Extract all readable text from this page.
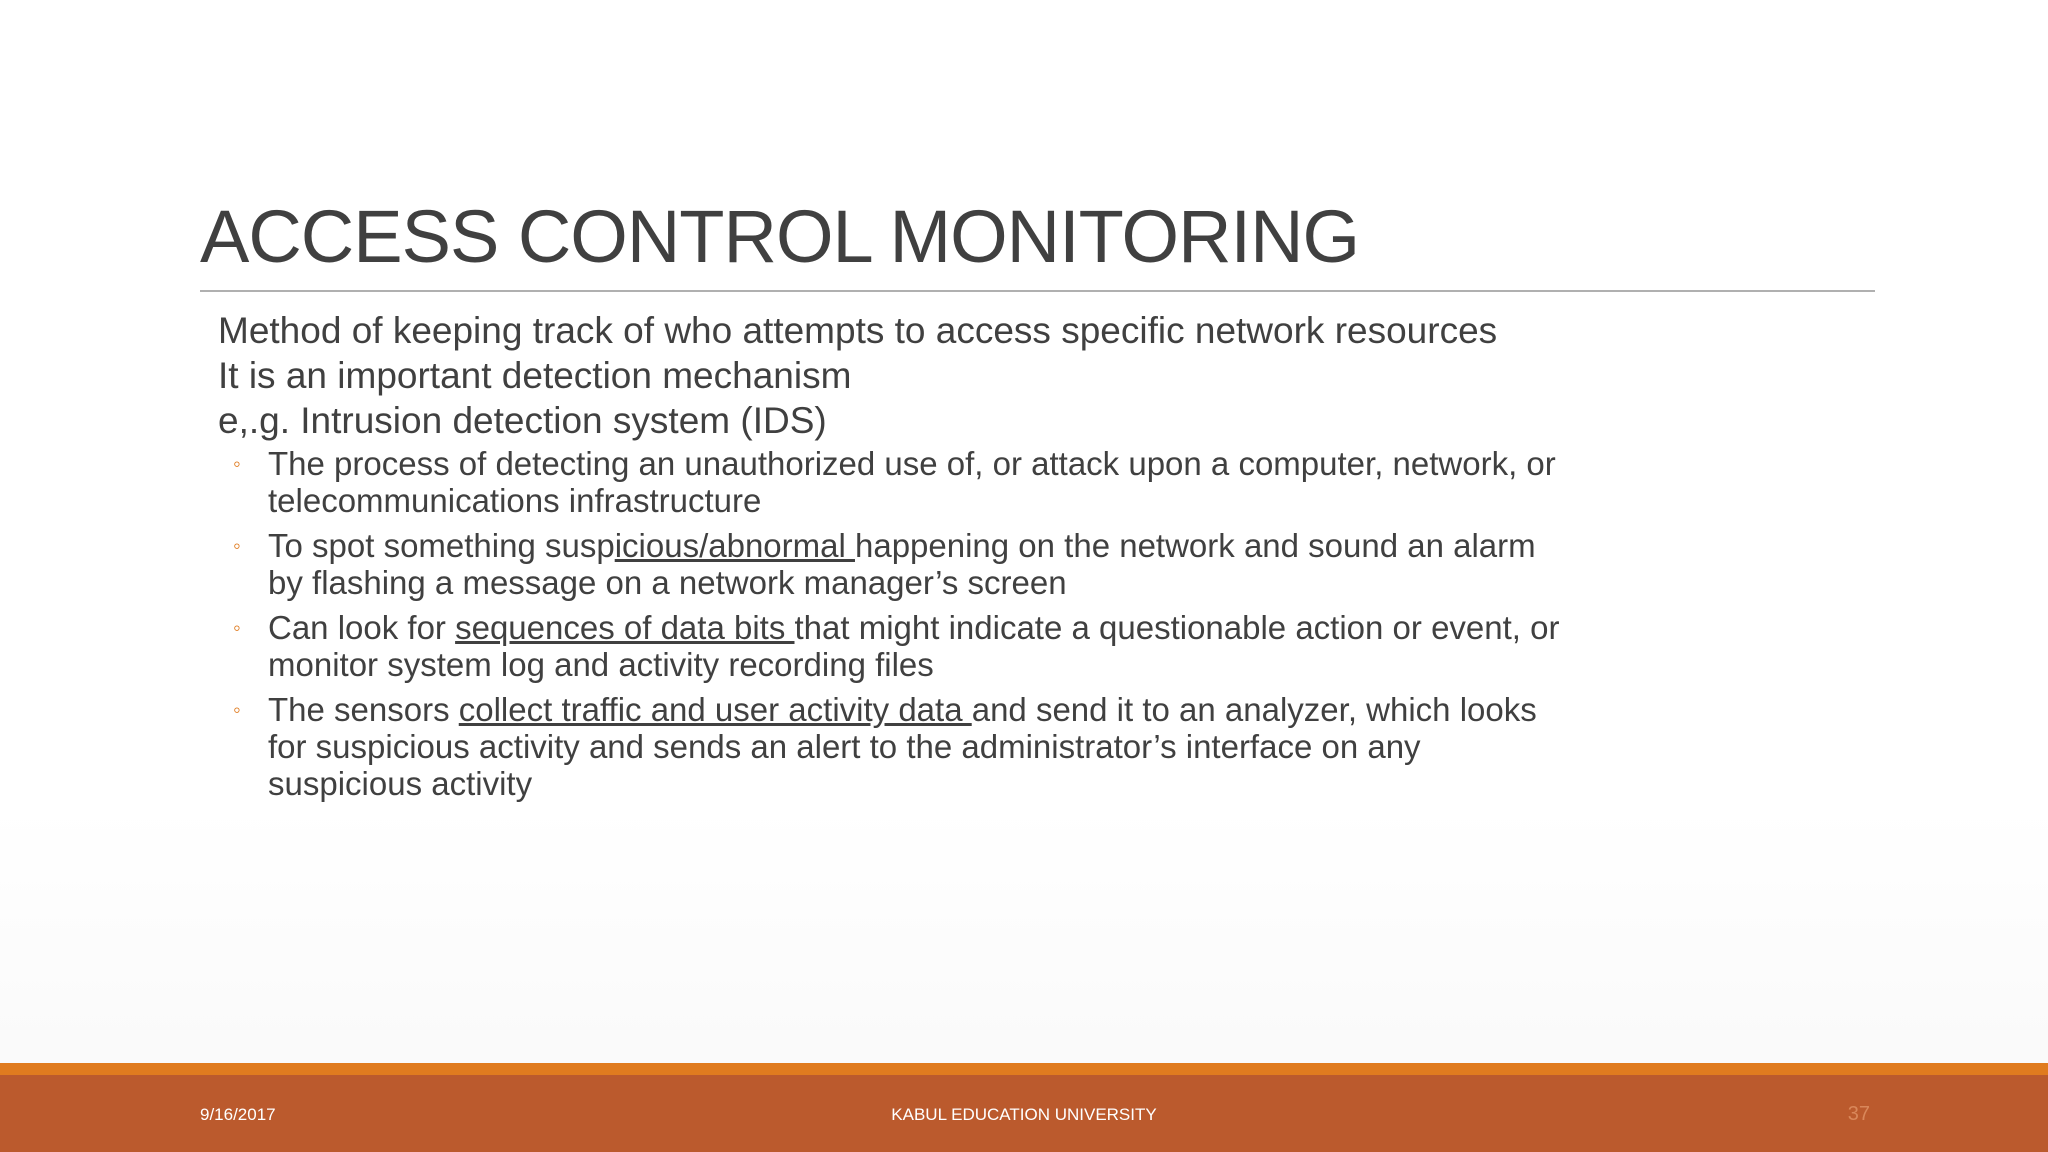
ACCESS CONTROL MONITORING

Method of keeping track of who attempts to access specific network resources

It is an important detection mechanism

e,.g. Intrusion detection system (IDS)

◦ The process of detecting an unauthorized use of, or attack upon a computer, network, or telecommunications infrastructure
◦ To spot something suspicious/abnormal happening on the network and sound an alarm by flashing a message on a network manager’s screen
◦ Can look for sequences of data bits that might indicate a questionable action or event, or monitor system log and activity recording files
◦ The sensors collect traffic and user activity data and send it to an analyzer, which looks for suspicious activity and sends an alert to the administrator’s interface on any suspicious activity
9/16/2017	KABUL EDUCATION UNIVERSITY	37
